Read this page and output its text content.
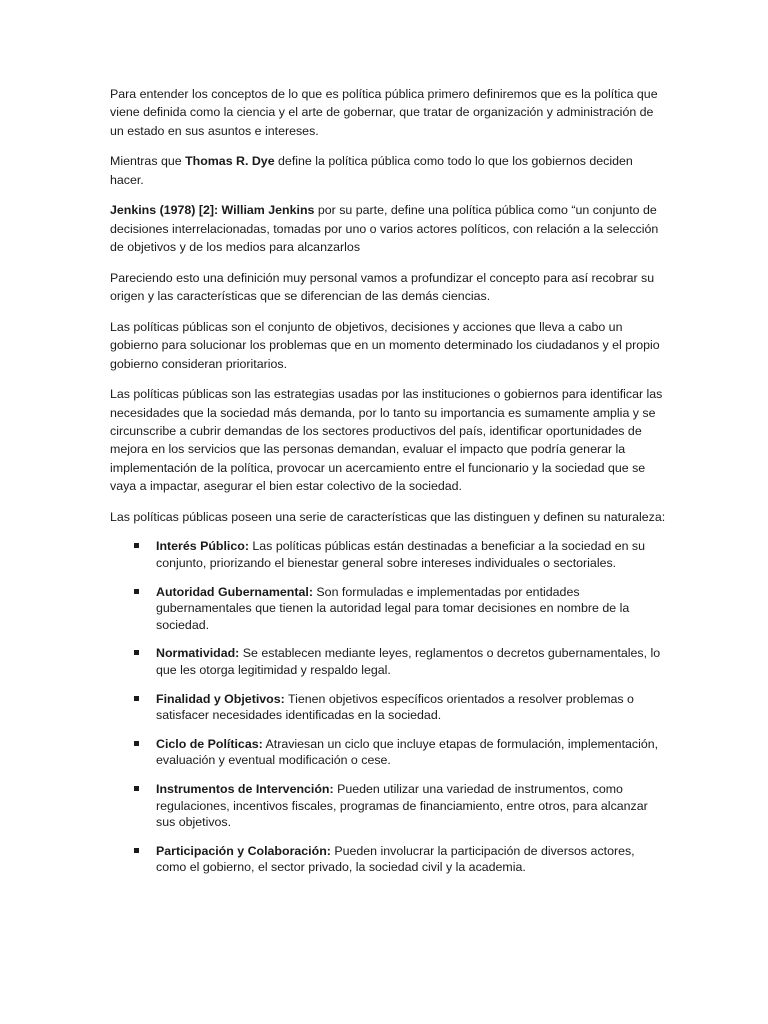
Para entender los conceptos de lo que es política pública primero definiremos que es la política que viene definida como la ciencia y el arte de gobernar, que tratar de organización y administración de un estado en sus asuntos e intereses.

Mientras que Thomas R. Dye define la política pública como todo lo que los gobiernos deciden hacer.

Jenkins (1978) [2]: William Jenkins por su parte, define una política pública como “un conjunto de decisiones interrelacionadas, tomadas por uno o varios actores políticos, con relación a la selección de objetivos y de los medios para alcanzarlos

Pareciendo esto una definición muy personal vamos a profundizar el concepto para así recobrar su origen y las características que se diferencian de las demás ciencias.

Las políticas públicas son el conjunto de objetivos, decisiones y acciones que lleva a cabo un gobierno para solucionar los problemas que en un momento determinado los ciudadanos y el propio gobierno consideran prioritarios.

Las políticas públicas son las estrategias usadas por las instituciones o gobiernos para identificar las necesidades que la sociedad más demanda, por lo tanto su importancia es sumamente amplia y se circunscribe a cubrir demandas de los sectores productivos del país, identificar oportunidades de mejora en los servicios que las personas demandan, evaluar el impacto que podría generar la implementación de la política, provocar un acercamiento entre el funcionario y la sociedad que se vaya a impactar, asegurar el bien estar colectivo de la sociedad.

Las políticas públicas poseen una serie de características que las distinguen y definen su naturaleza:

Interés Público: Las políticas públicas están destinadas a beneficiar a la sociedad en su conjunto, priorizando el bienestar general sobre intereses individuales o sectoriales.
Autoridad Gubernamental: Son formuladas e implementadas por entidades gubernamentales que tienen la autoridad legal para tomar decisiones en nombre de la sociedad.
Normatividad: Se establecen mediante leyes, reglamentos o decretos gubernamentales, lo que les otorga legitimidad y respaldo legal.
Finalidad y Objetivos: Tienen objetivos específicos orientados a resolver problemas o satisfacer necesidades identificadas en la sociedad.
Ciclo de Políticas: Atraviesan un ciclo que incluye etapas de formulación, implementación, evaluación y eventual modificación o cese.
Instrumentos de Intervención: Pueden utilizar una variedad de instrumentos, como regulaciones, incentivos fiscales, programas de financiamiento, entre otros, para alcanzar sus objetivos.
Participación y Colaboración: Pueden involucrar la participación de diversos actores, como el gobierno, el sector privado, la sociedad civil y la academia.
